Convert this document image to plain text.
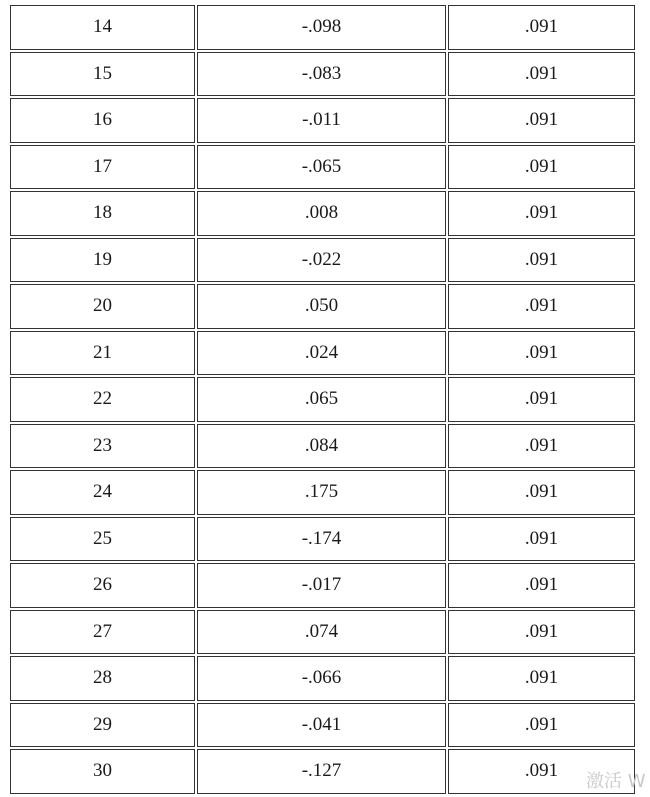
14	-.098	.091
15	-.083	.091
16	-.011	.091
17	-.065	.091
18	.008	.091
19	-.022	.091
20	.050	.091
21	.024	.091
22	.065	.091
23	.084	.091
24	.175	.091
25	-.174	.091
26	-.017	.091
27	.074	.091
28	-.066	.091
29	-.041	.091
30	-.127	.091
激活 W
